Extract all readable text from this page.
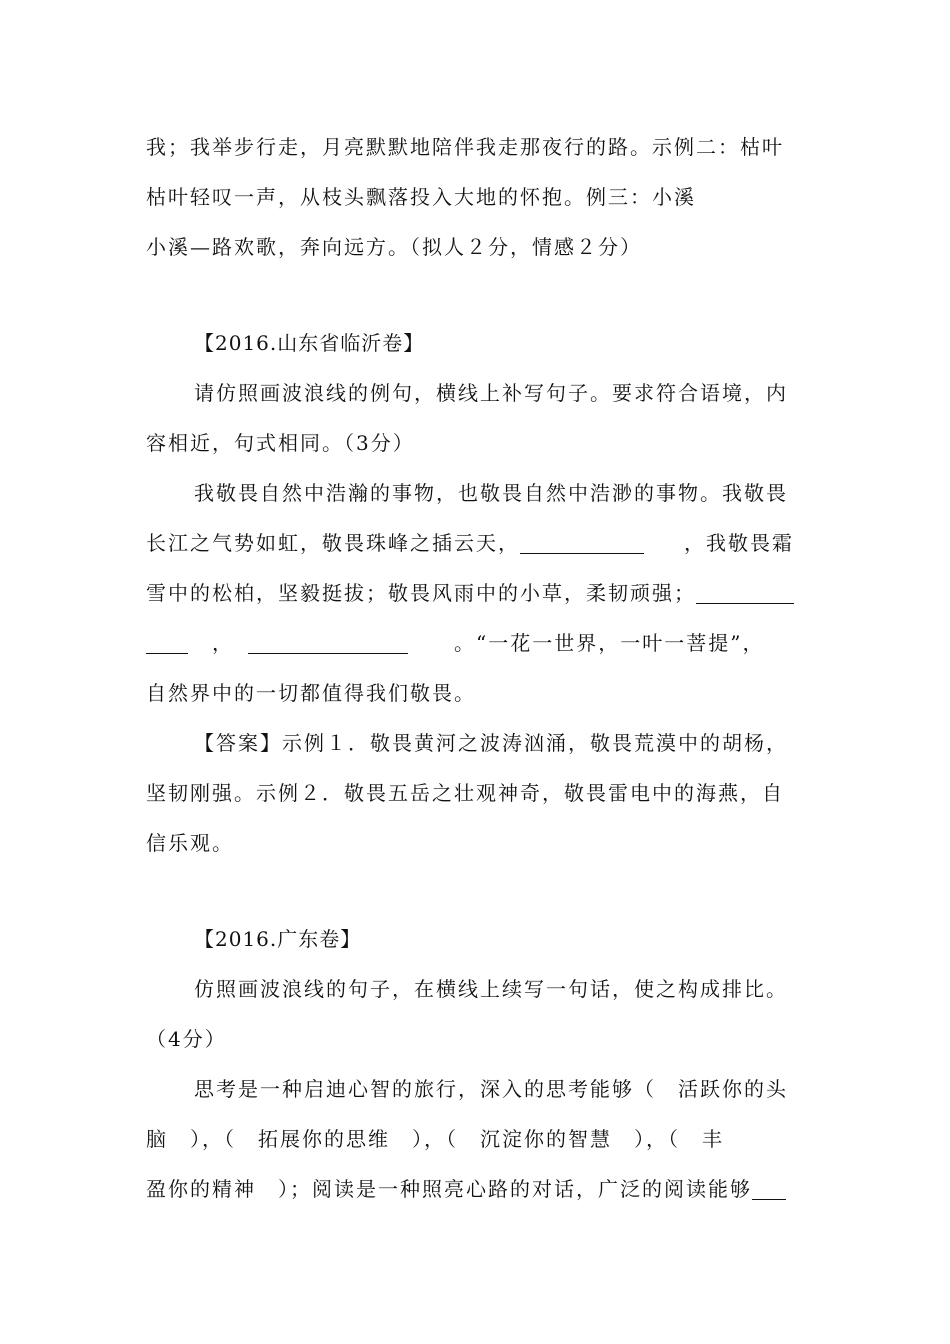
我；我举步行走，月亮默默地陪伴我走那夜行的路。示例二：枯叶
枯叶轻叹一声，从枝头飘落投入大地的怀抱。例三：小溪
小溪—路欢歌，奔向远方。（拟人２分，情感２分）
【2016.山东省临沂卷】
请仿照画波浪线的例句，横线上补写句子。要求符合语境，内
容相近，句式相同。（3分）
我敬畏自然中浩瀚的事物，也敬畏自然中浩渺的事物。我敬畏
长江之气势如虹，敬畏珠峰之插云天，	，我敬畏霜
雪中的松柏，坚毅挺拔；敬畏风雨中的小草，柔韧顽强；
，	。“一花一世界，一叶一菩提”，
自然界中的一切都值得我们敬畏。
【答案】示例１．敬畏黄河之波涛汹涌，敬畏荒漠中的胡杨，
坚韧刚强。示例２．敬畏五岳之壮观神奇，敬畏雷电中的海燕，自
信乐观。
【2016.广东卷】
仿照画波浪线的句子，在横线上续写一句话，使之构成排比。
（4分）
思考是一种启迪心智的旅行，深入的思考能够（　活跃你的头
脑　），（　拓展你的思维　），（　沉淀你的智慧　），（　丰
盈你的精神　）；阅读是一种照亮心路的对话，广泛的阅读能够
